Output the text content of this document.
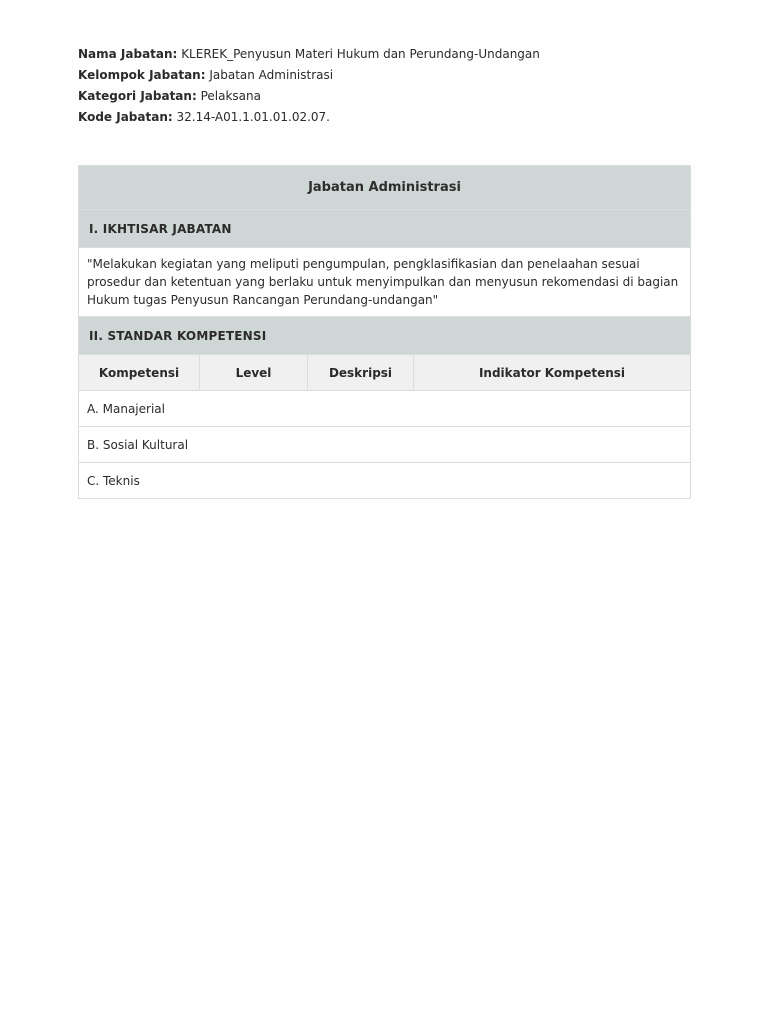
Nama Jabatan: KLEREK_Penyusun Materi Hukum dan Perundang-Undangan
Kelompok Jabatan: Jabatan Administrasi
Kategori Jabatan: Pelaksana
Kode Jabatan: 32.14-A01.1.01.01.02.07.
Jabatan Administrasi
I. IKHTISAR JABATAN
"Melakukan kegiatan yang meliputi pengumpulan, pengklasifikasian dan penelaahan sesuai prosedur dan ketentuan yang berlaku untuk menyimpulkan dan menyusun rekomendasi di bagian Hukum tugas Penyusun Rancangan Perundang-undangan"
II. STANDAR KOMPETENSI
Kompetensi	Level	Deskripsi	Indikator Kompetensi
A. Manajerial
B. Sosial Kultural
C. Teknis
